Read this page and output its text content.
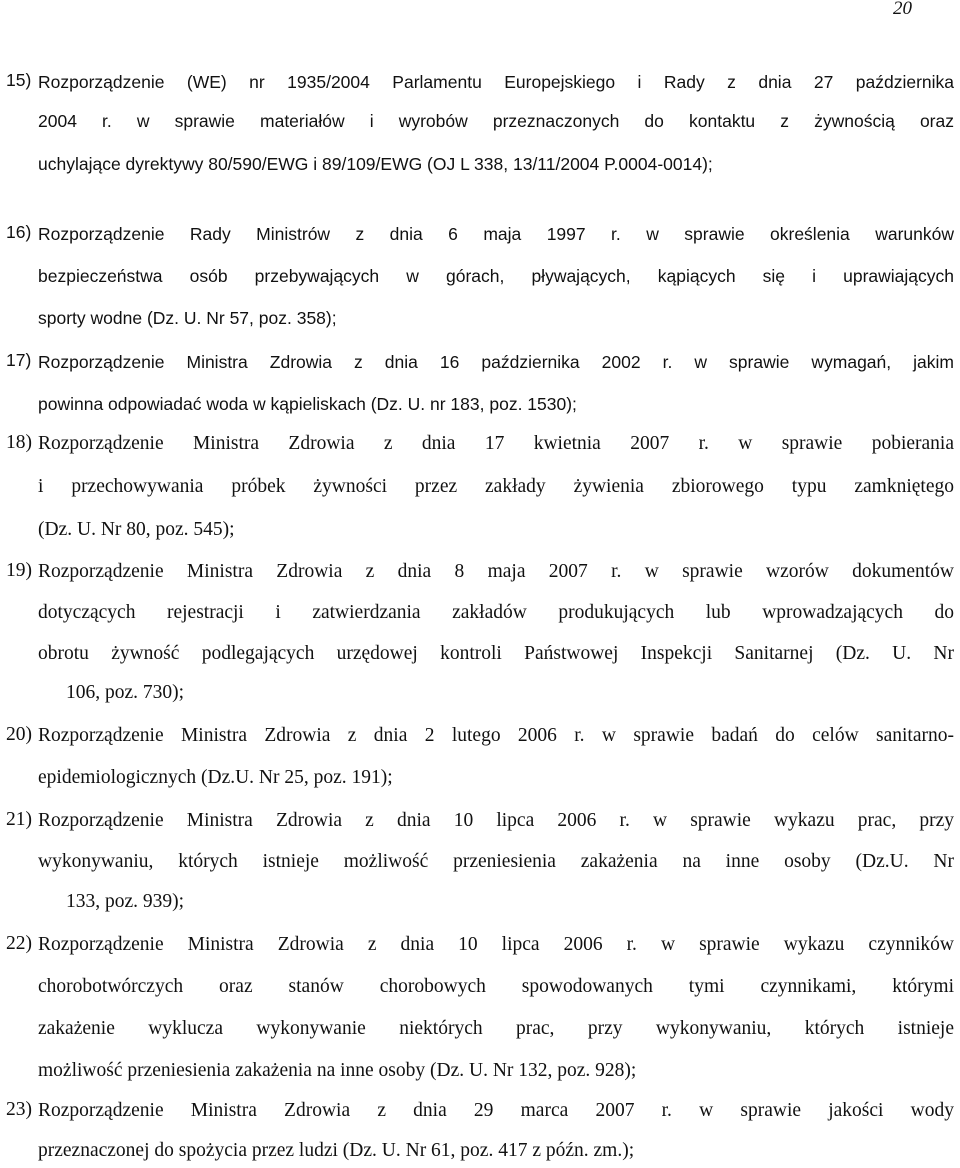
20
15) Rozporządzenie (WE) nr 1935/2004 Parlamentu Europejskiego i Rady z dnia 27 października
2004 r. w sprawie materiałów i wyrobów przeznaczonych do kontaktu z żywnością oraz
uchylające dyrektywy 80/590/EWG i 89/109/EWG (OJ L 338, 13/11/2004 P.0004-0014);
16) Rozporządzenie Rady Ministrów z dnia 6 maja 1997 r. w sprawie określenia warunków
bezpieczeństwa osób przebywających w górach, pływających, kąpiących się i uprawiających
sporty wodne (Dz. U. Nr 57, poz. 358);
17) Rozporządzenie Ministra Zdrowia z dnia 16 października 2002 r. w sprawie wymagań, jakim
powinna odpowiadać woda w kąpieliskach (Dz. U. nr 183, poz. 1530);
18) Rozporządzenie Ministra Zdrowia z dnia 17 kwietnia 2007 r. w sprawie pobierania
i przechowywania próbek żywności przez zakłady żywienia zbiorowego typu zamkniętego
(Dz. U. Nr 80, poz. 545);
19) Rozporządzenie Ministra Zdrowia z dnia 8 maja 2007 r. w sprawie wzorów dokumentów
dotyczących rejestracji i zatwierdzania zakładów produkujących lub wprowadzających do
obrotu żywność podlegających urzędowej kontroli Państwowej Inspekcji Sanitarnej (Dz. U. Nr
106, poz. 730);
20) Rozporządzenie Ministra Zdrowia z dnia 2 lutego 2006 r. w sprawie badań do celów sanitarno-
epidemiologicznych (Dz.U. Nr 25, poz. 191);
21) Rozporządzenie Ministra Zdrowia z dnia 10 lipca 2006 r. w sprawie wykazu prac, przy
wykonywaniu, których istnieje możliwość przeniesienia zakażenia na inne osoby (Dz.U. Nr
133, poz. 939);
22) Rozporządzenie Ministra Zdrowia z dnia 10 lipca 2006 r. w sprawie wykazu czynników
chorobotwórczych oraz stanów chorobowych spowodowanych tymi czynnikami, którymi
zakażenie wyklucza wykonywanie niektórych prac, przy wykonywaniu, których istnieje
możliwość przeniesienia zakażenia na inne osoby (Dz. U. Nr 132, poz. 928);
23) Rozporządzenie Ministra Zdrowia z dnia 29 marca 2007 r. w sprawie jakości wody
przeznaczonej do spożycia przez ludzi (Dz. U. Nr 61, poz. 417 z późn. zm.);
